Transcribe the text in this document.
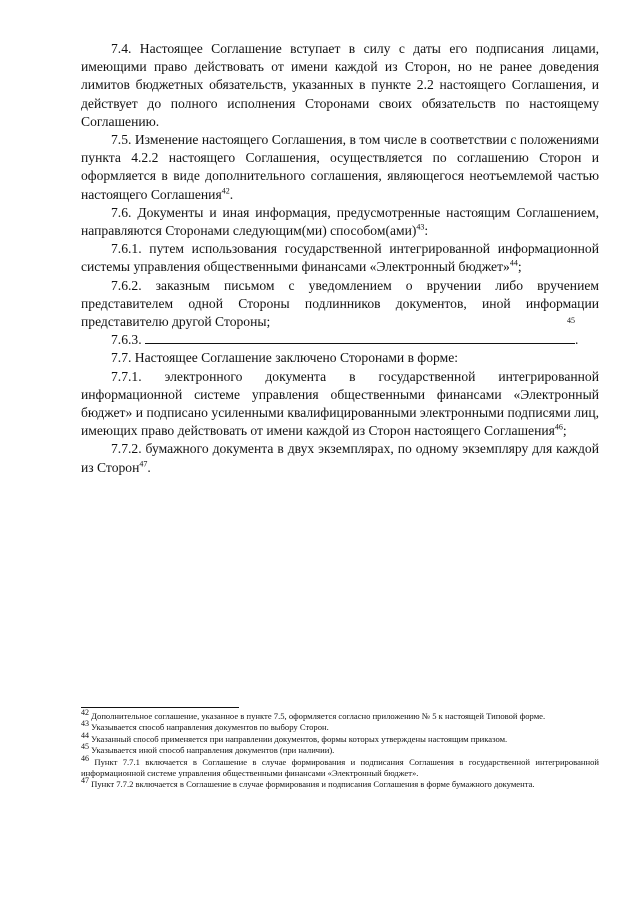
7.4. Настоящее Соглашение вступает в силу с даты его подписания лицами, имеющими право действовать от имени каждой из Сторон, но не ранее доведения лимитов бюджетных обязательств, указанных в пункте 2.2 настоящего Соглашения, и действует до полного исполнения Сторонами своих обязательств по настоящему Соглашению.

7.5. Изменение настоящего Соглашения, в том числе в соответствии с положениями пункта 4.2.2 настоящего Соглашения, осуществляется по соглашению Сторон и оформляется в виде дополнительного соглашения, являющегося неотъемлемой частью настоящего Соглашения$^{42}$.

7.6. Документы и иная информация, предусмотренные настоящим Соглашением, направляются Сторонами следующим(ми) способом(ами)$^{43}$:

7.6.1. путем использования государственной интегрированной информационной системы управления общественными финансами «Электронный бюджет»$^{44}$;

7.6.2. заказным письмом с уведомлением о вручении либо вручением представителем одной Стороны подлинников документов, иной информации представителю другой Стороны;

7.6.3.
45
.

7.7. Настоящее Соглашение заключено Сторонами в форме:

7.7.1. электронного документа в государственной интегрированной информационной системе управления общественными финансами «Электронный бюджет» и подписано усиленными квалифицированными электронными подписями лиц, имеющих право действовать от имени каждой из Сторон настоящего Соглашения$^{46}$;

7.7.2. бумажного документа в двух экземплярах, по одному экземпляру для каждой из Сторон$^{47}$.

$^{42}$ Дополнительное соглашение, указанное в пункте 7.5, оформляется согласно приложению № 5 к настоящей Типовой форме.

$^{43}$ Указывается способ направления документов по выбору Сторон.

$^{44}$ Указанный способ применяется при направлении документов, формы которых утверждены настоящим приказом.

$^{45}$ Указывается иной способ направления документов (при наличии).

$^{46}$ Пункт 7.7.1 включается в Соглашение в случае формирования и подписания Соглашения в государственной интегрированной информационной системе управления общественными финансами «Электронный бюджет».

$^{47}$ Пункт 7.7.2 включается в Соглашение в случае формирования и подписания Соглашения в форме бумажного документа.
